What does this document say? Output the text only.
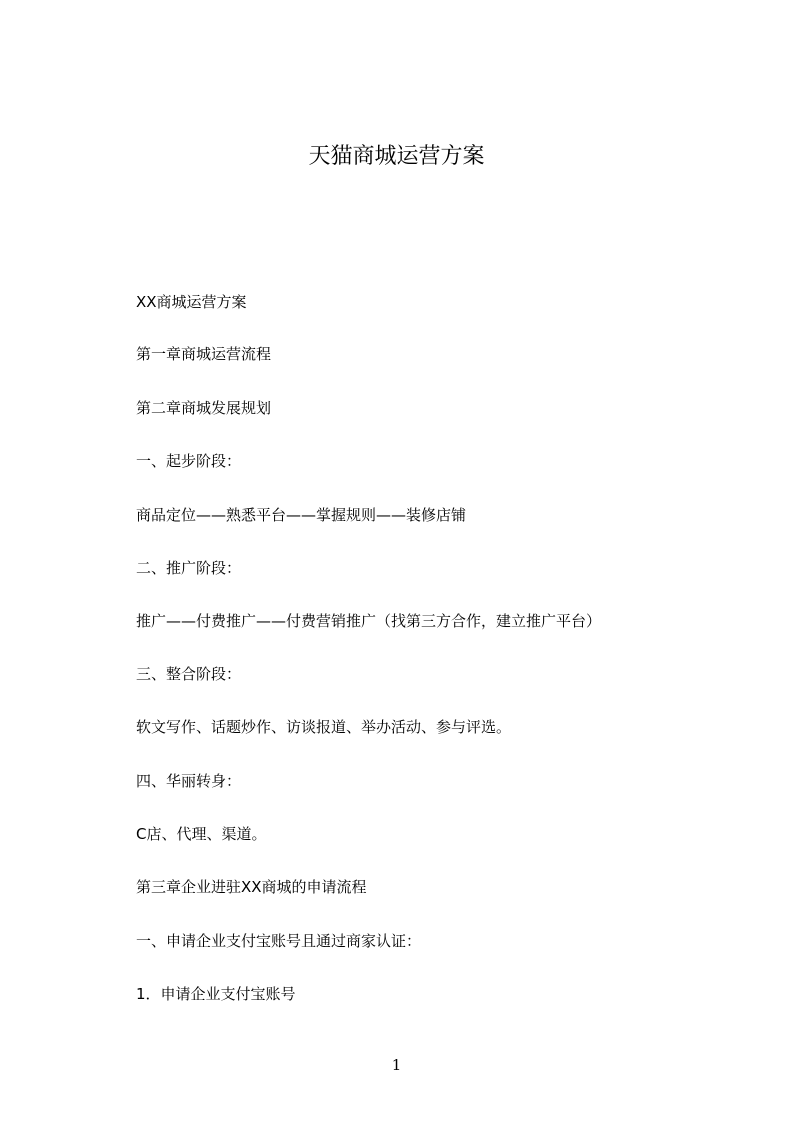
天猫商城运营方案
XX商城运营方案
第一章商城运营流程
第二章商城发展规划
一、起步阶段：
商品定位——熟悉平台——掌握规则——装修店铺
二、推广阶段：
推广——付费推广——付费营销推广（找第三方合作，建立推广平台）
三、整合阶段：
软文写作、话题炒作、访谈报道、举办活动、参与评选。
四、华丽转身：
C店、代理、渠道。
第三章企业进驻XX商城的申请流程
一、申请企业支付宝账号且通过商家认证：
1．申请企业支付宝账号
1
